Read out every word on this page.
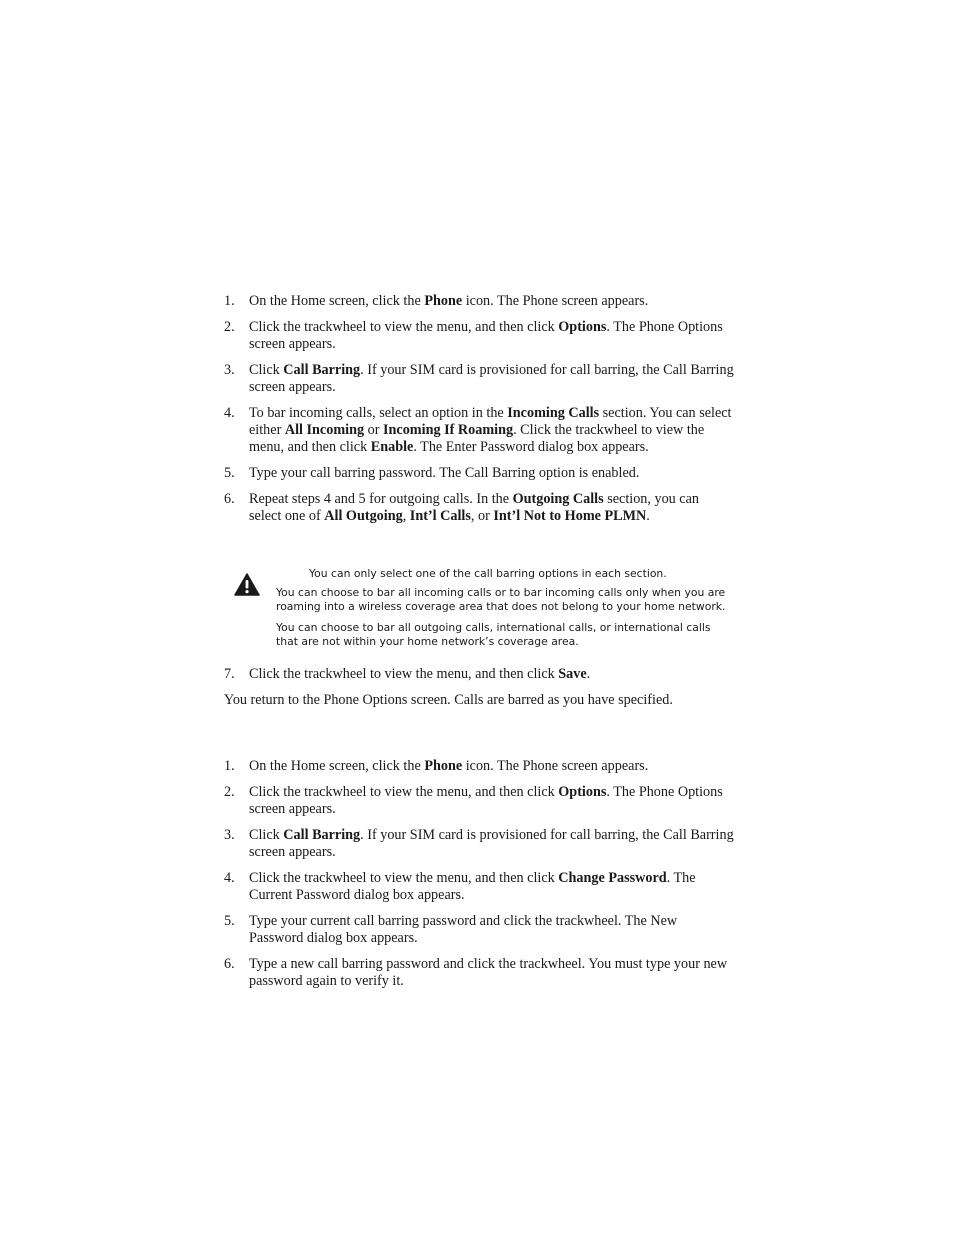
1.	On the Home screen, click the Phone icon. The Phone screen appears.
2.	Click the trackwheel to view the menu, and then click Options. The Phone Options screen appears.
3.	Click Call Barring. If your SIM card is provisioned for call barring, the Call Barring screen appears.
4.	To bar incoming calls, select an option in the Incoming Calls section. You can select either All Incoming or Incoming If Roaming. Click the trackwheel to view the menu, and then click Enable. The Enter Password dialog box appears.
5.	Type your call barring password. The Call Barring option is enabled.
6.	Repeat steps 4 and 5 for outgoing calls. In the Outgoing Calls section, you can select one of All Outgoing, Int’l Calls, or Int’l Not to Home PLMN.

You can only select one of the call barring options in each section.

You can choose to bar all incoming calls or to bar incoming calls only when you are roaming into a wireless coverage area that does not belong to your home network.

You can choose to bar all outgoing calls, international calls, or international calls that are not within your home network’s coverage area.

7.	Click the trackwheel to view the menu, and then click Save.

You return to the Phone Options screen. Calls are barred as you have specified.

1.	On the Home screen, click the Phone icon. The Phone screen appears.
2.	Click the trackwheel to view the menu, and then click Options. The Phone Options screen appears.
3.	Click Call Barring. If your SIM card is provisioned for call barring, the Call Barring screen appears.
4.	Click the trackwheel to view the menu, and then click Change Password. The Current Password dialog box appears.
5.	Type your current call barring password and click the trackwheel. The New Password dialog box appears.
6.	Type a new call barring password and click the trackwheel. You must type your new password again to verify it.
